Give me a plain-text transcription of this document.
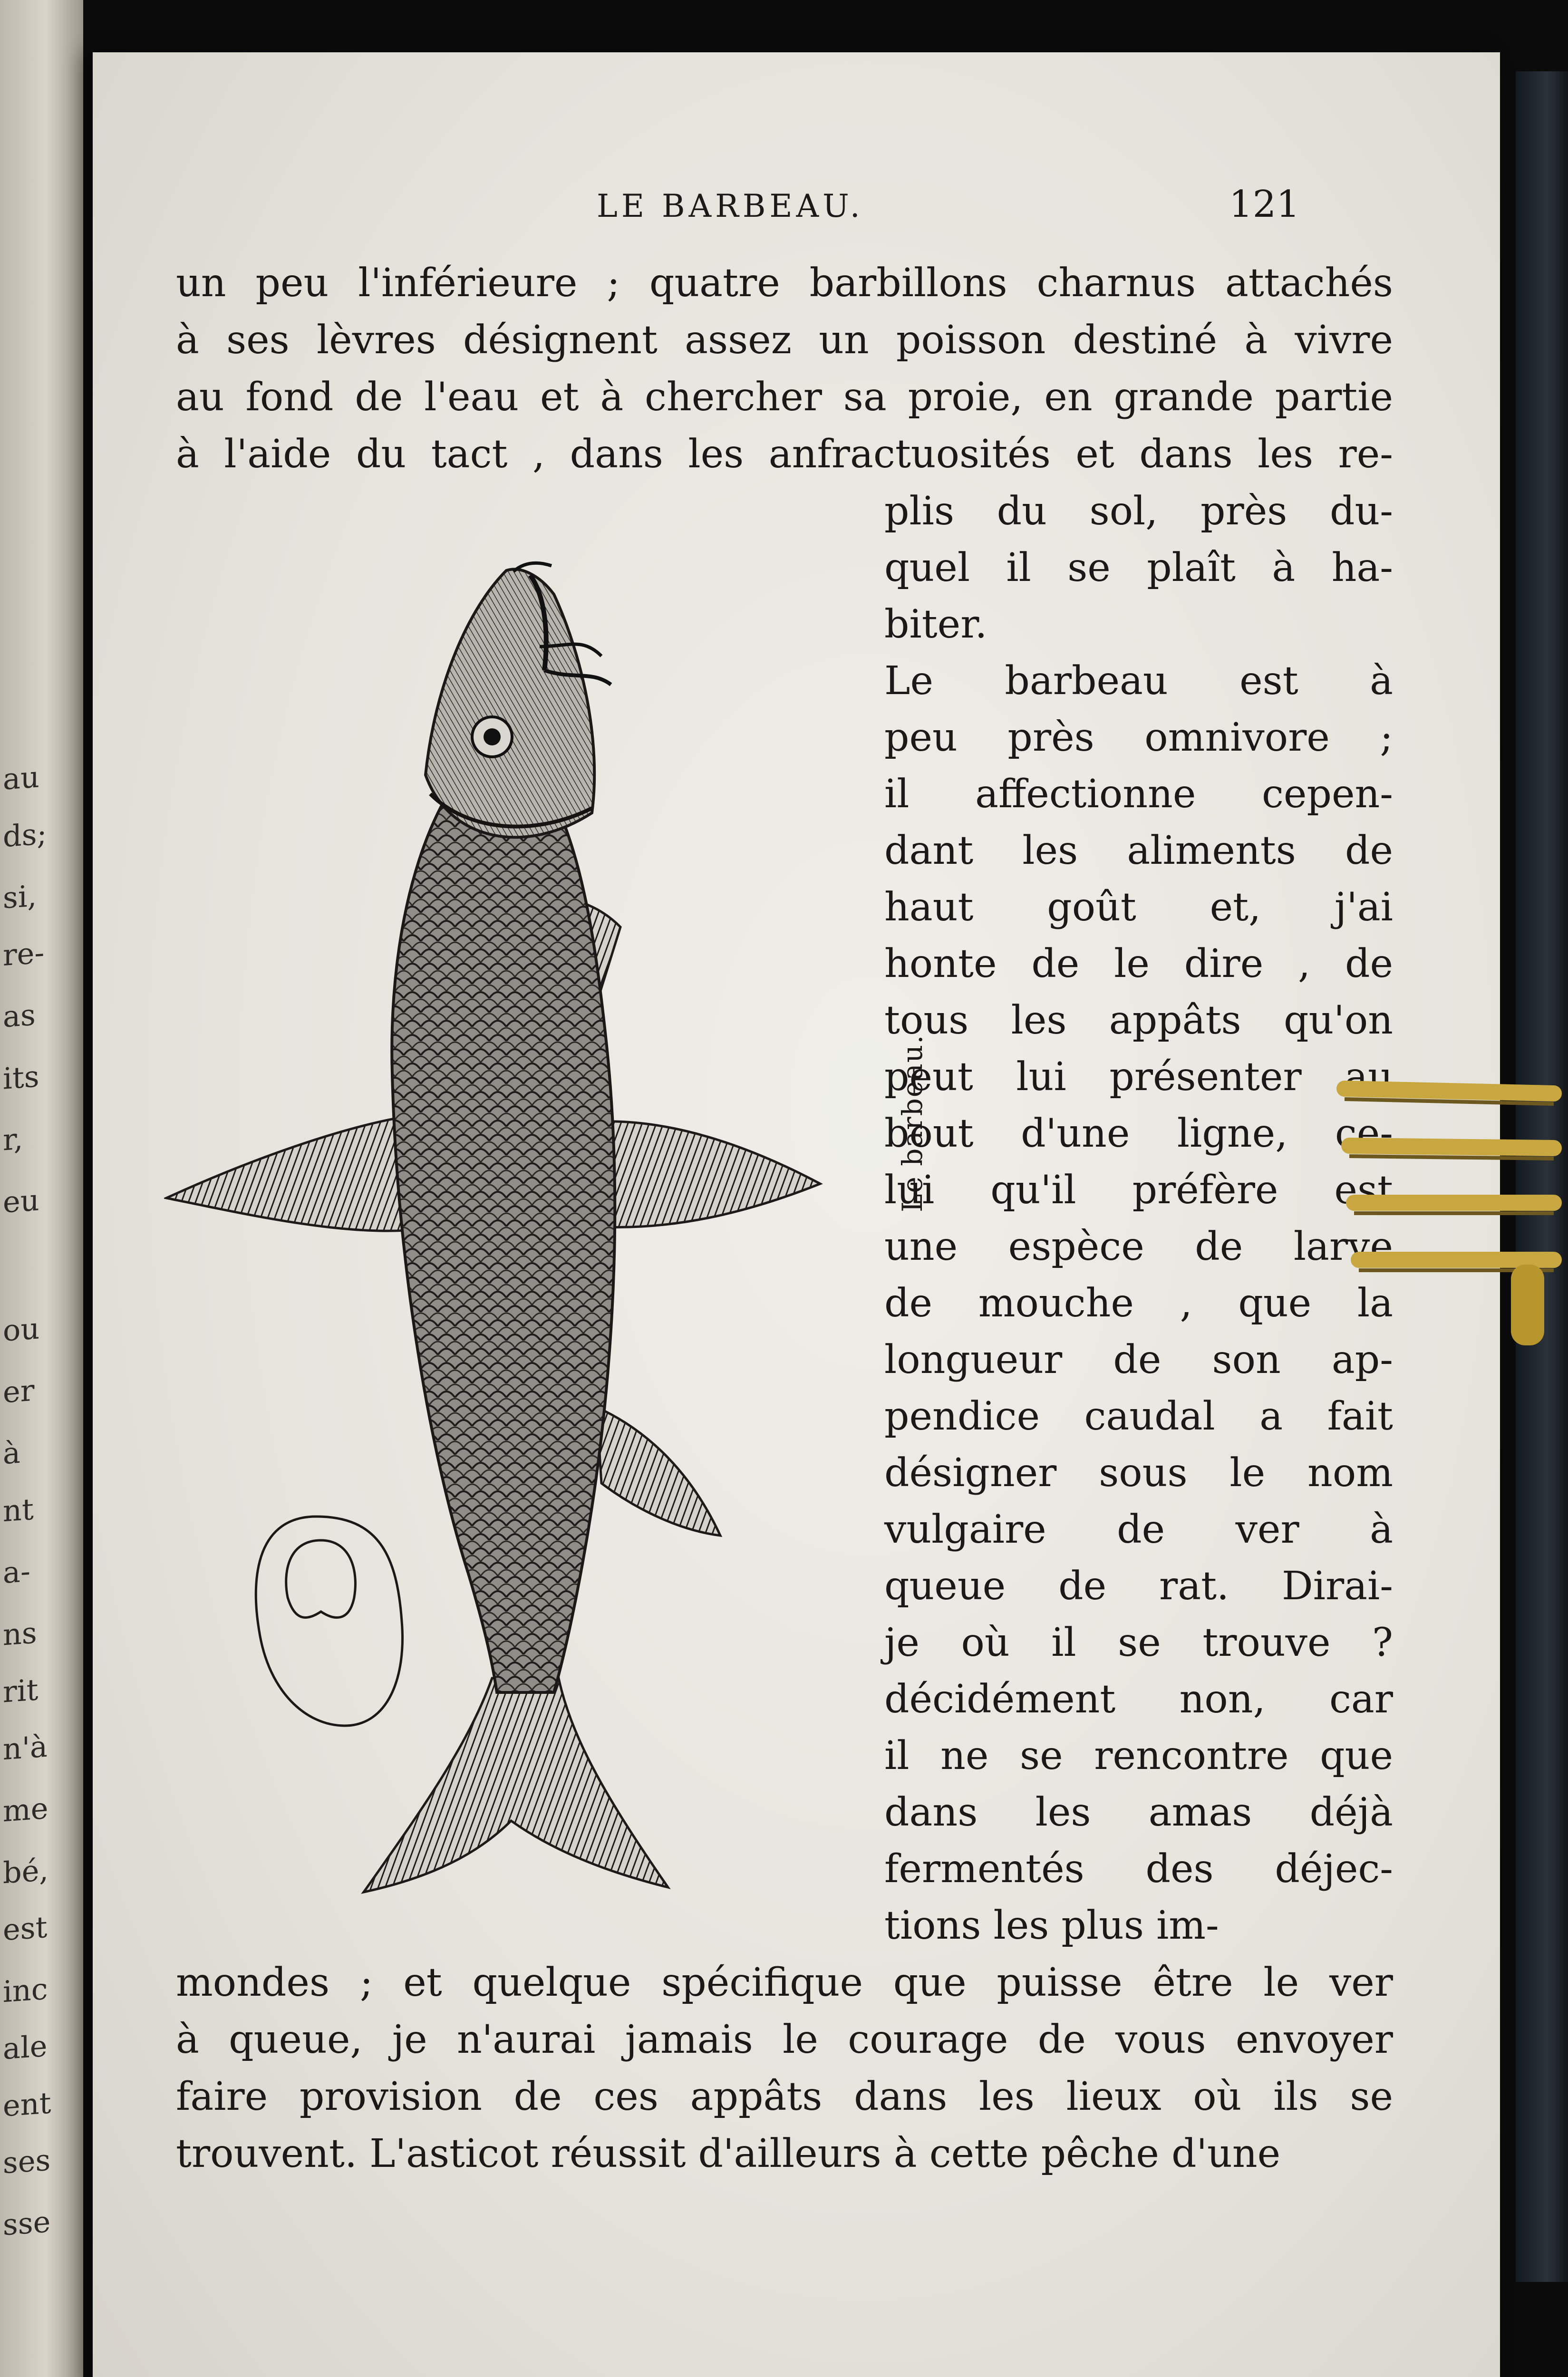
au
ds;
si,
re-
as
its
r,
eu
ou
er
à
nt
a-
ns
rit
n'à
me
bé,
est
inc
ale
ent
ses
sse
LE BARBEAU.	121
un peu l'inférieure ; quatre barbillons charnus attachés
à ses lèvres désignent assez un poisson destiné à vivre
au fond de l'eau et à chercher sa proie, en grande partie
à l'aide du tact , dans les anfractuosités et dans les re-
plis du sol, près du-
quel il se plaît à ha-
biter.
Le barbeau est à
peu près omnivore ;
il affectionne cepen-
dant les aliments de
haut goût et, j'ai
honte de le dire , de
tous les appâts qu'on
peut lui présenter au
bout d'une ligne, ce-
lui qu'il préfère est
une espèce de larve
de mouche , que la
longueur de son ap-
pendice caudal a fait
désigner sous le nom
vulgaire de ver à
queue de rat. Dirai-
je où il se trouve ?
décidément non, car
il ne se rencontre que
dans les amas déjà
fermentés des déjec-
tions les plus im-
mondes ; et quelque spécifique que puisse être le ver
à queue, je n'aurai jamais le courage de vous envoyer
faire provision de ces appâts dans les lieux où ils se
trouvent. L'asticot réussit d'ailleurs à cette pêche d'une
Le barbeau.
